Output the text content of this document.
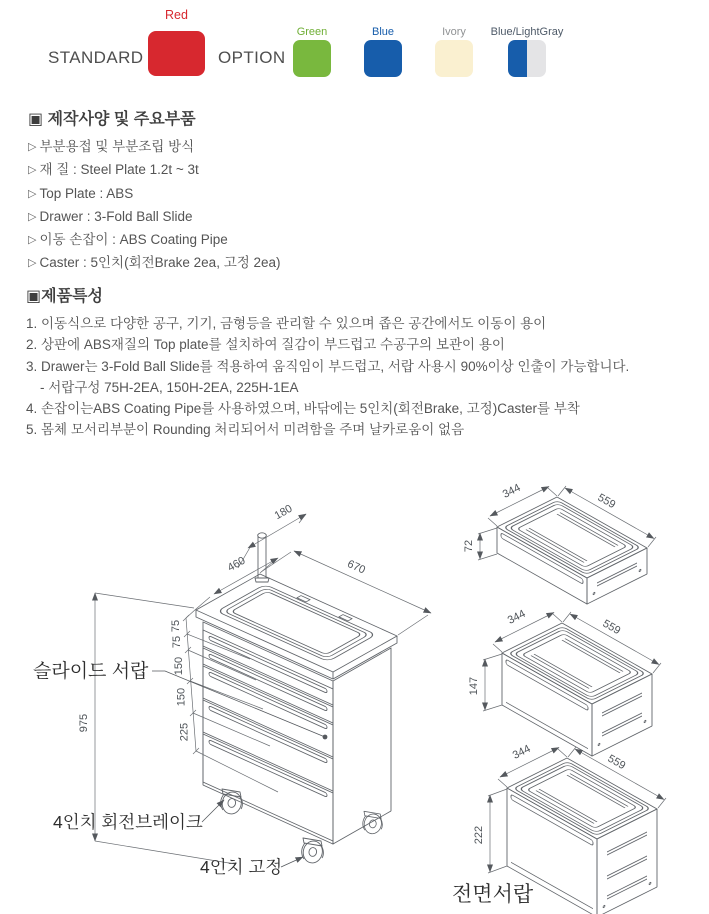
STANDARD
Red
OPTION
Green	Blue	Ivory	Blue/LightGray
▣ 제작사양 및 주요부품
▷ 부분용접 및 부분조립 방식
▷ 재 질 : Steel Plate 1.2t ~ 3t
▷ Top Plate : ABS
▷ Drawer : 3-Fold Ball Slide
▷ 이동 손잡이 : ABS Coating Pipe
▷ Caster : 5인치(회전Brake 2ea, 고정 2ea)
▣제품특성
1. 이동식으로 다양한 공구, 기기, 금형등을 관리할 수 있으며 좁은 공간에서도 이동이 용이
2. 상판에 ABS재질의 Top plate를 설치하여 질감이 부드럽고 수공구의 보관이 용이
3. Drawer는 3-Fold Ball Slide를 적용하여 움직임이 부드럽고, 서랍 사용시 90%이상 인출이 가능합니다.
- 서랍구성 75H-2EA, 150H-2EA, 225H-1EA
4. 손잡이는ABS Coating Pipe를 사용하였으며, 바닦에는 5인치(회전Brake, 고정)Caster를 부착
5. 몸체 모서리부분이 Rounding 처리되어서 미려함을 주며 날카로움이 없음
180
460	670
975
75
75
150
150
225
슬라이드 서랍
4인치 회전브레이크
4인치 고정
344
559
72
344
559
147
344
559
222
전면서랍
